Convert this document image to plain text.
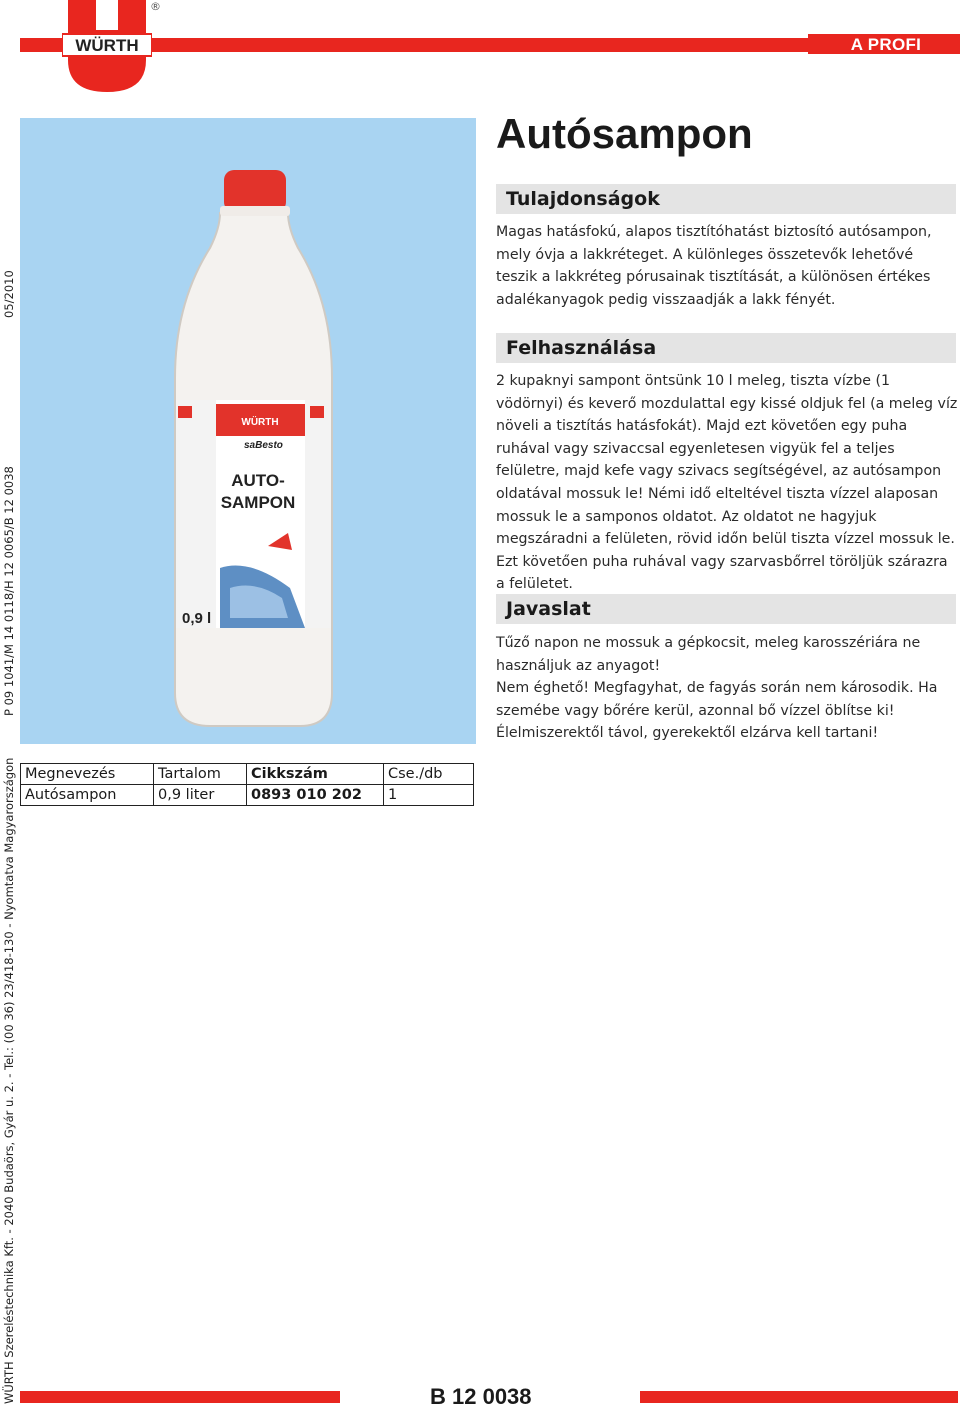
A PROFI SZERELÉS
WÜRTH
®
05/2010
P 09 1041/M 14 0118/H 12 0065/B 12 0038
WÜRTH Szereléstechnika Kft. - 2040 Budaörs, Gyár u. 2. - Tel.: (00 36) 23/418-130 - Nyomtatva Magyarországon
WÜRTH
saBesto
AUTO-
SAMPON
0,9 l
Autósampon
Tulajdonságok
Magas hatásfokú, alapos tisztítóhatást biztosító autósampon, mely óvja a lakkréteget. A különleges összetevők lehetővé teszik a lakkréteg pórusainak tisztítását, a különösen értékes adalékanyagok pedig visszaadják a lakk fényét.
Felhasználása
2 kupaknyi sampont öntsünk 10 l meleg, tiszta vízbe (1 vödörnyi) és keverő mozdulattal egy kissé oldjuk fel (a meleg víz növeli a tisztítás hatásfokát). Majd ezt követően egy puha ruhával vagy szivaccsal egyenletesen vigyük fel a teljes felületre, majd kefe vagy szivacs segítségével, az autósampon oldatával mossuk le! Némi idő elteltével tiszta vízzel alaposan mossuk le a samponos oldatot. Az oldatot ne hagyjuk megszáradni a felületen, rövid időn belül tiszta vízzel mossuk le. Ezt követően puha ruhával vagy szarvasbőrrel töröljük szárazra a felületet.
Javaslat
Tűző napon ne mossuk a gépkocsit, meleg karosszériára ne használjuk az anyagot!
Nem éghető! Megfagyhat, de fagyás során nem károsodik. Ha szemébe vagy bőrére kerül, azonnal bő vízzel öblítse ki! Élelmiszerektől távol, gyerekektől elzárva kell tartani!
Megnevezés	Tartalom	Cikkszám	Cse./db
Autósampon	0,9 liter	0893 010 202	1
B 12 0038
